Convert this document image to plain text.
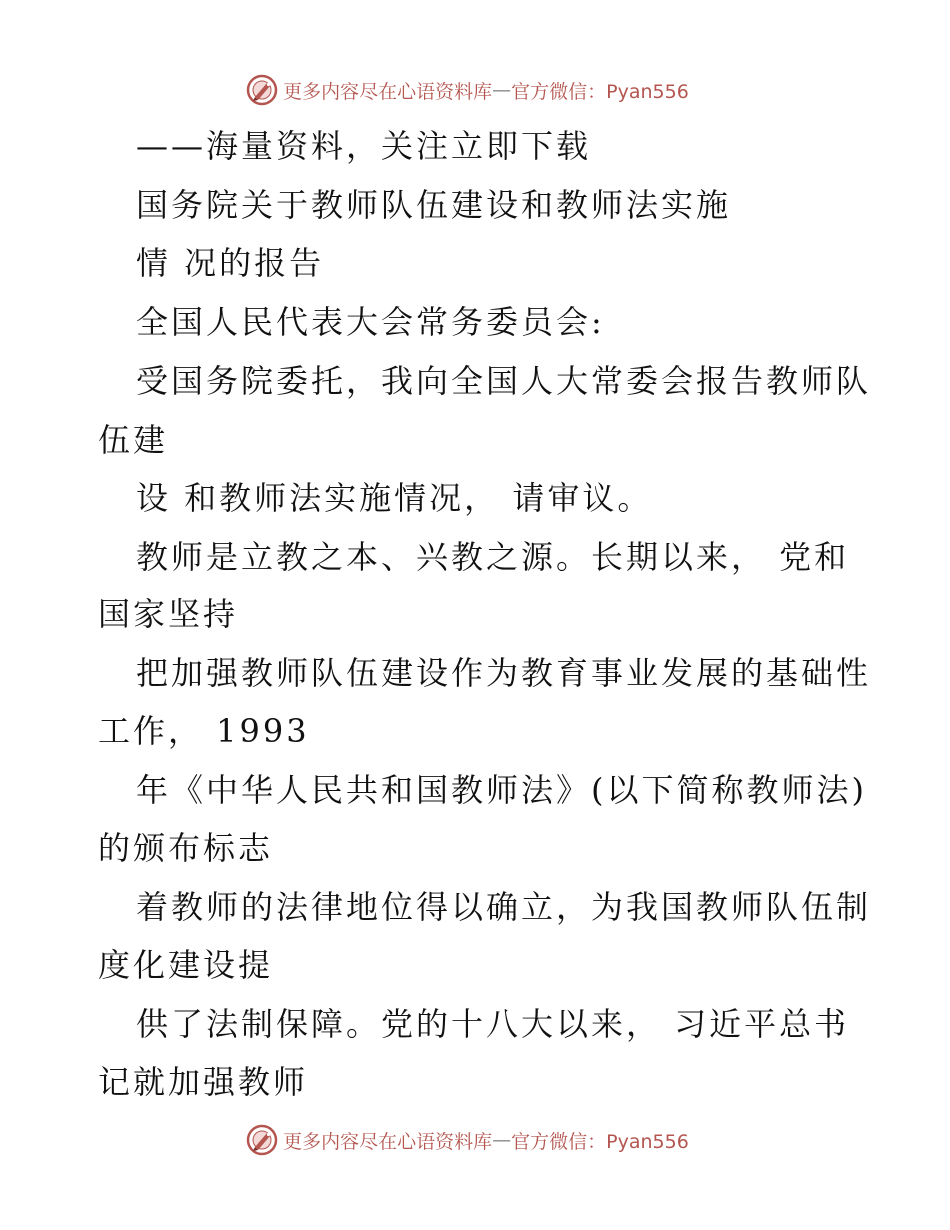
更多内容尽在心语资料库 — 官方微信：Pyan556
——海量资料，关注立即下载
国务院关于教师队伍建设和教师法实施
情 况的报告
全国人民代表大会常务委员会:
受国务院委托，我向全国人大常委会报告教师队
伍建
设 和教师法实施情况， 请审议。
教师是立教之本、兴教之源。长期以来， 党和
国家坚持
把加强教师队伍建设作为教育事业发展的基础性
工作， 1993
年《中华人民共和国教师法》(以下简称教师法)
的颁布标志
着教师的法律地位得以确立，为我国教师队伍制
度化建设提
供了法制保障。党的十八大以来， 习近平总书
记就加强教师
更多内容尽在心语资料库 — 官方微信：Pyan556
